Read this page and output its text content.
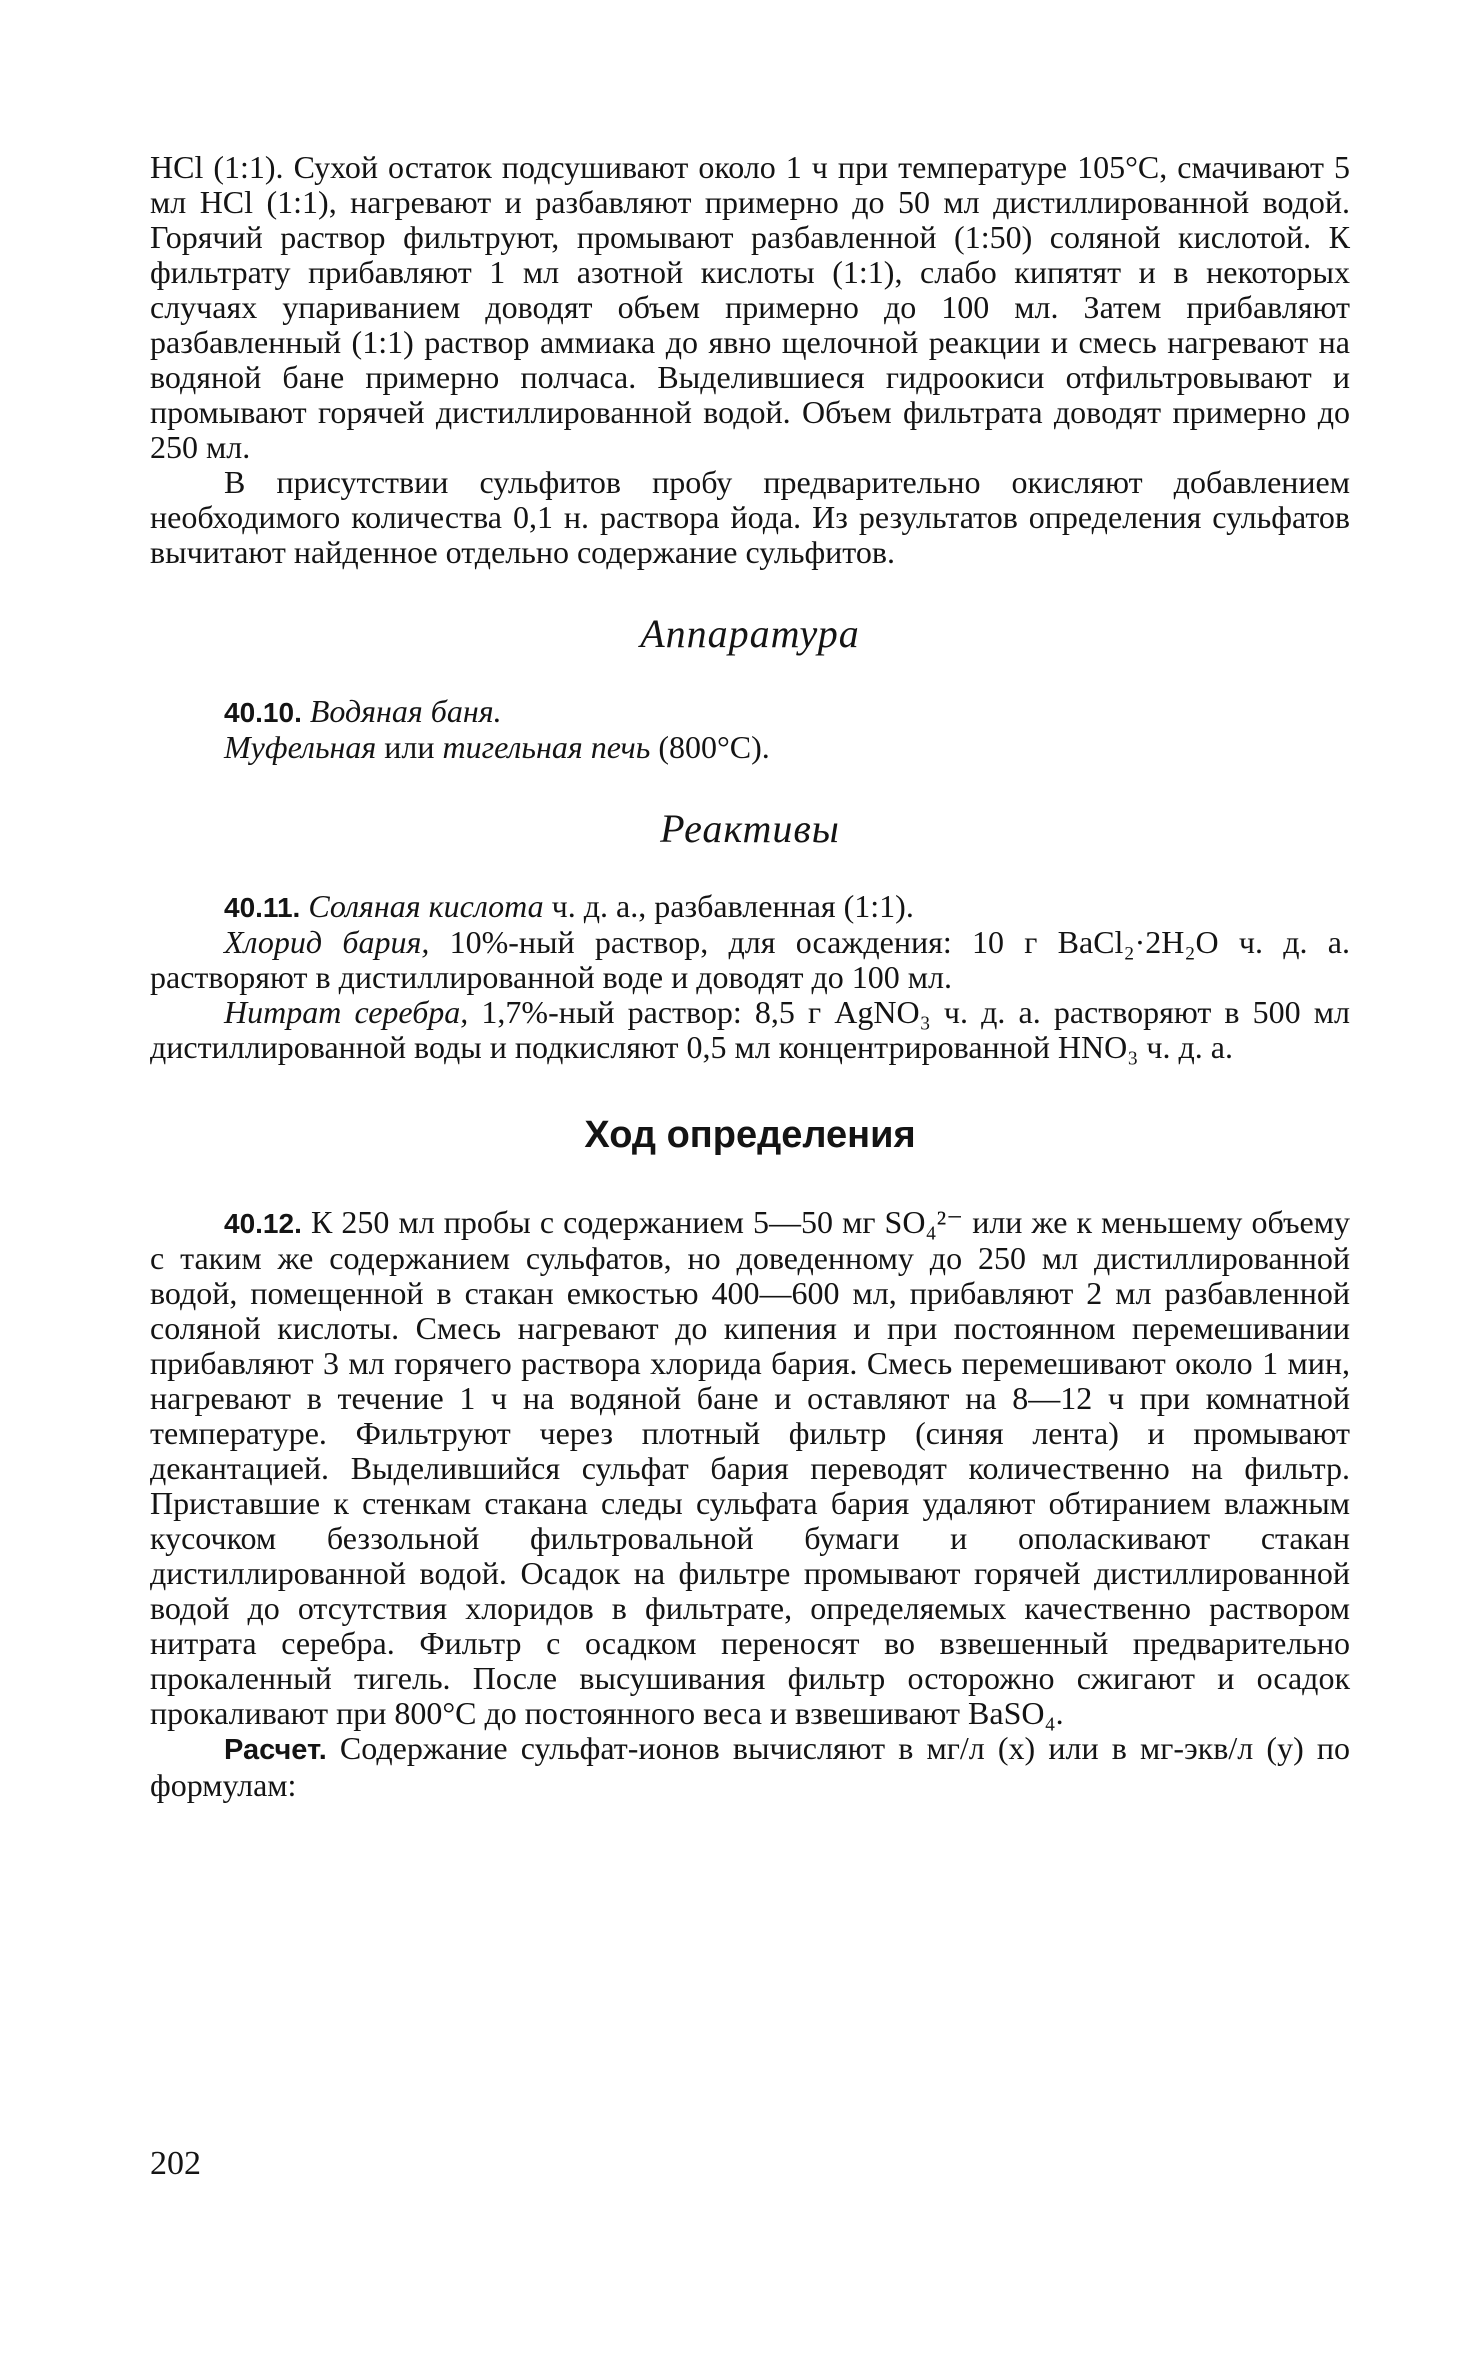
HCl (1:1). Сухой остаток подсушивают около 1 ч при температуре 105°С, смачивают 5 мл HCl (1:1), нагревают и разбавляют примерно до 50 мл дистиллированной водой. Горячий раствор фильтруют, промывают разбавленной (1:50) соляной кислотой. К фильтрату прибавляют 1 мл азотной кислоты (1:1), слабо кипятят и в некоторых случаях упариванием доводят объем примерно до 100 мл. Затем прибавляют разбавленный (1:1) раствор аммиака до явно щелочной реакции и смесь нагревают на водяной бане примерно полчаса. Выделившиеся гидроокиси отфильтровывают и промывают горячей дистиллированной водой. Объем фильтрата доводят примерно до 250 мл.

В присутствии сульфитов пробу предварительно окисляют добавлением необходимого количества 0,1 н. раствора йода. Из результатов определения сульфатов вычитают найденное отдельно содержание сульфитов.

Аппаратура

40.10. Водяная баня.

Муфельная или тигельная печь (800°С).

Реактивы

40.11. Соляная кислота ч. д. а., разбавленная (1:1).

Хлорид бария, 10%-ный раствор, для осаждения: 10 г BaCl₂·2H₂O ч. д. а. растворяют в дистиллированной воде и доводят до 100 мл.

Нитрат серебра, 1,7%-ный раствор: 8,5 г AgNO₃ ч. д. а. растворяют в 500 мл дистиллированной воды и подкисляют 0,5 мл концентрированной HNO₃ ч. д. а.

Ход определения

40.12. К 250 мл пробы с содержанием 5—50 мг SO₄²⁻ или же к меньшему объему с таким же содержанием сульфатов, но доведенному до 250 мл дистиллированной водой, помещенной в стакан емкостью 400—600 мл, прибавляют 2 мл разбавленной соляной кислоты. Смесь нагревают до кипения и при постоянном перемешивании прибавляют 3 мл горячего раствора хлорида бария. Смесь перемешивают около 1 мин, нагревают в течение 1 ч на водяной бане и оставляют на 8—12 ч при комнатной температуре. Фильтруют через плотный фильтр (синяя лента) и промывают декантацией. Выделившийся сульфат бария переводят количественно на фильтр. Приставшие к стенкам стакана следы сульфата бария удаляют обтиранием влажным кусочком беззольной фильтровальной бумаги и ополаскивают стакан дистиллированной водой. Осадок на фильтре промывают горячей дистиллированной водой до отсутствия хлоридов в фильтрате, определяемых качественно раствором нитрата серебра. Фильтр с осадком переносят во взвешенный предварительно прокаленный тигель. После высушивания фильтр осторожно сжигают и осадок прокаливают при 800°С до постоянного веса и взвешивают BaSO₄.

Расчет. Содержание сульфат-ионов вычисляют в мг/л (x) или в мг-экв/л (y) по формулам:

202
